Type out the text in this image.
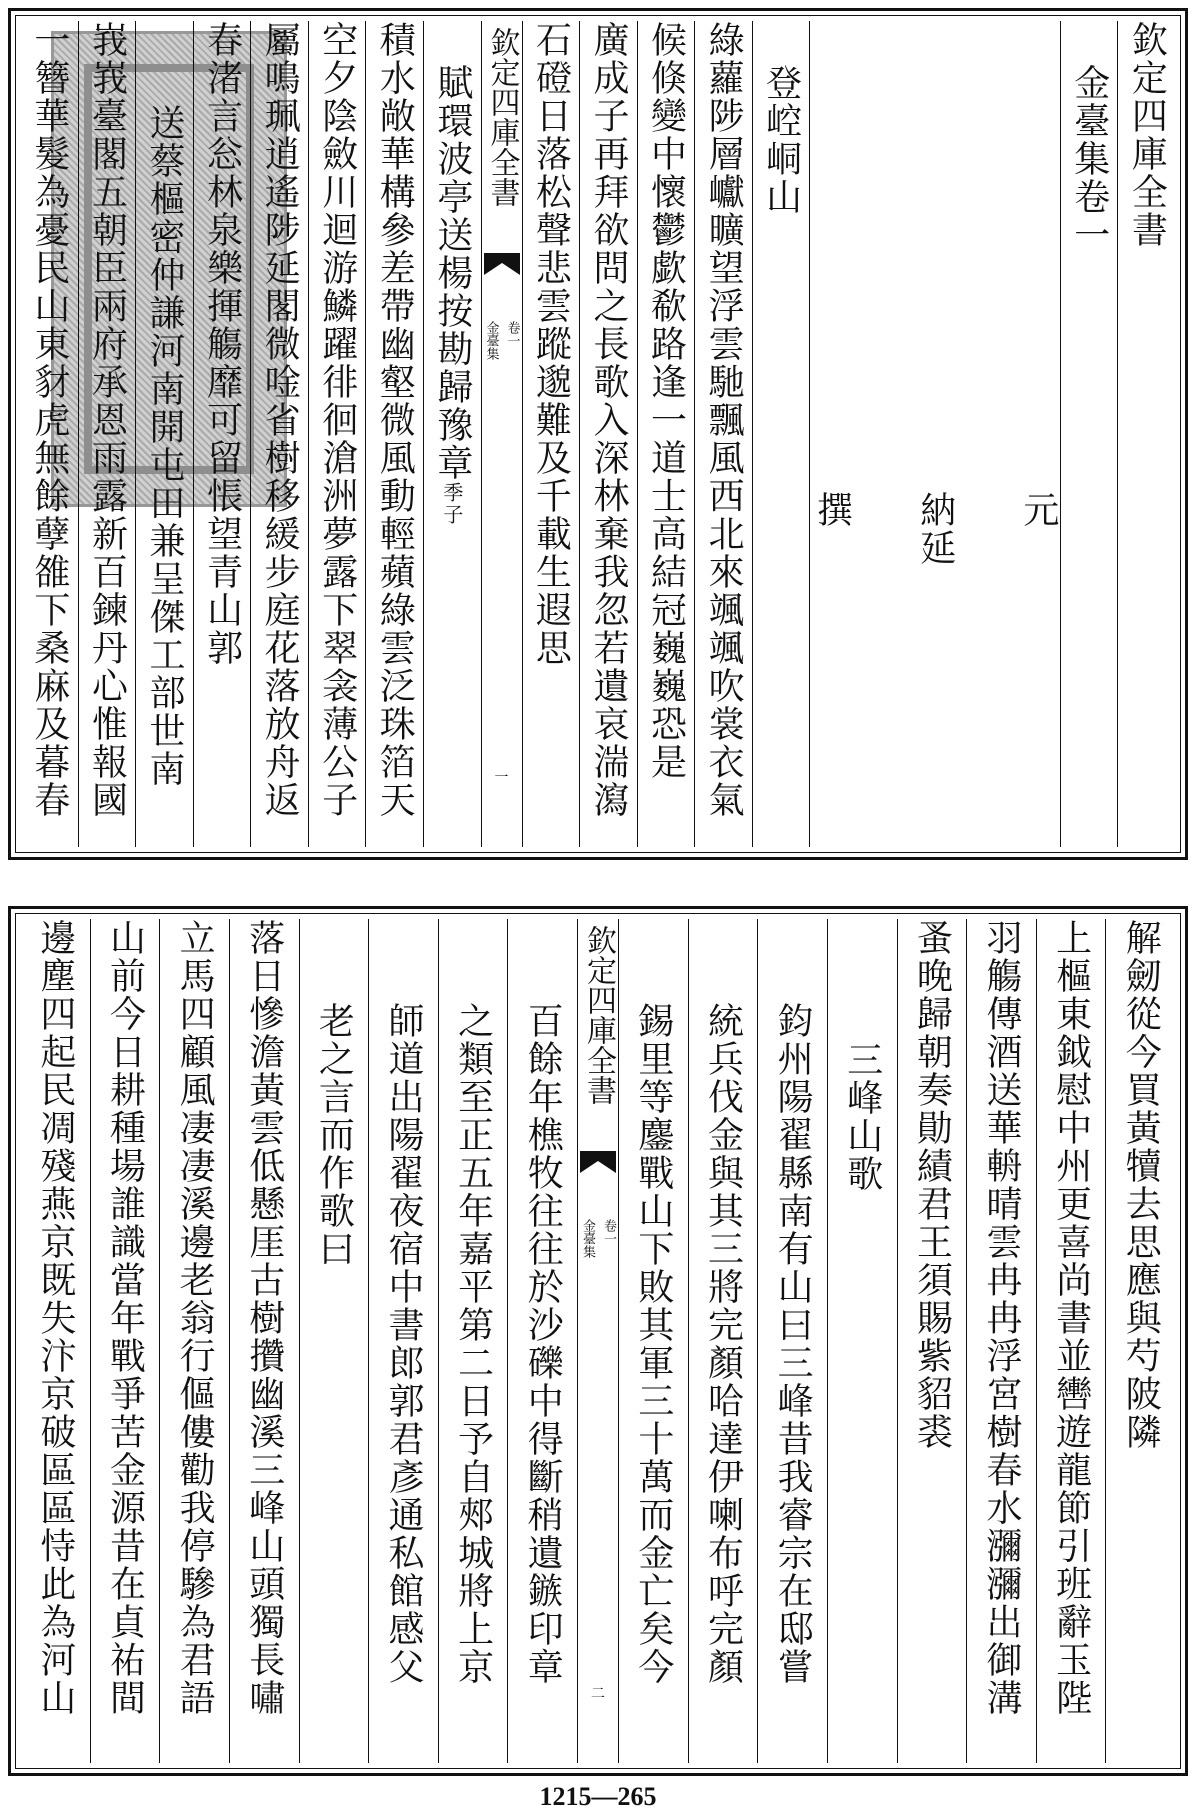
欽定四庫全書
金臺集卷一
元
納延
撰
登崆峒山
綠蘿陟層巘曠望浮雲馳飄風西北來颯颯吹裳衣氣
候倏變中懷鬱歔欷路逢一道士高結冠巍巍恐是
廣成子再拜欲問之長歌入深林棄我忽若遺哀湍瀉
石磴日落松聲悲雲蹤邈難及千載生遐思
欽定四庫全書
金臺集 卷一
一
賦環波亭送楊按勘歸豫章季子
積水敞華構參差帶幽壑微風動輕蘋綠雲泛珠箔天
空夕陰斂川迴游鱗躍徘徊滄洲夢露下翠衾薄公子
屬鳴珮逍遙陟延閣微唫省樹移緩步庭花落放舟返
春渚言忩林泉樂揮觴靡可留悵望青山郭
送蔡樞密仲謙河南開屯田兼呈傑工部世南
峩峩臺閣五朝臣兩府承恩雨露新百鍊丹心惟報國
一簪華髮為憂民山東豺虎無餘孽雒下桑麻及暮春
解劒從今買黃犢去思應與芍陂隣
上樞東鉞慰中州更喜尚書並轡遊龍節引班辭玉陛
羽觴傳酒送華輈晴雲冉冉浮宮樹春水瀰瀰出御溝
蚤晚歸朝奏勛績君王須賜紫貂裘
三峰山歌
鈞州陽翟縣南有山曰三峰昔我睿宗在邸嘗
統兵伐金與其三將完顏哈達伊喇布呼完顏
錫里等鏖戰山下敗其軍三十萬而金亡矣今
欽定四庫全書
金臺集 卷一
二
百餘年樵牧往往於沙礫中得斷稍遺鏃印章
之類至正五年嘉平第二日予自郟城將上京
師道出陽翟夜宿中書郎郭君彥通私館感父
老之言而作歌曰
落日慘澹黃雲低懸厓古樹攢幽溪三峰山頭獨長嘯
立馬四顧風凄凄溪邊老翁行傴僂勸我停驂為君語
山前今日耕種場誰識當年戰爭苦金源昔在貞祐間
邊塵四起民凋殘燕京既失汴京破區區恃此為河山
1215—265
